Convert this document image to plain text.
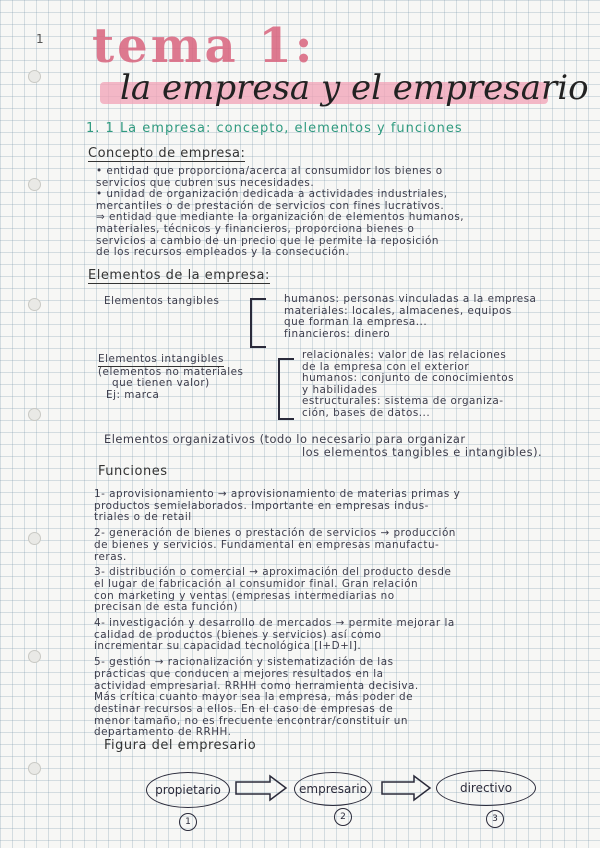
1 tema 1:
la empresa y el empresario
1. 1 La empresa: concepto, elementos y funciones
Concepto de empresa:
• entidad que proporciona/acerca al consumidor los bienes o
servicios que cubren sus necesidades.
• unidad de organización dedicada a actividades industriales,
mercantiles o de prestación de servicios con fines lucrativos.
⇒ entidad que mediante la organización de elementos humanos,
materiales, técnicos y financieros, proporciona bienes o
servicios a cambio de un precio que le permite la reposición
de los recursos empleados y la consecución.
Elementos de la empresa:
Elementos tangibles	humanos: personas vinculadas a la empresa
materiales: locales, almacenes, equipos
que forman la empresa...
financieros: dinero
Elementos intangibles
(elementos no materiales
que tienen valor)
Ej: marca
relacionales: valor de las relaciones
de la empresa con el exterior
humanos: conjunto de conocimientos
y habilidades
estructurales: sistema de organiza-
ción, bases de datos...
Elementos organizativos (todo lo necesario para organizar
los elementos tangibles e intangibles).
Funciones
1- aprovisionamiento → aprovisionamiento de materias primas y
productos semielaborados. Importante en empresas indus-
triales o de retail
2- generación de bienes o prestación de servicios → producción
de bienes y servicios. Fundamental en empresas manufactu-
reras.
3- distribución o comercial → aproximación del producto desde
el lugar de fabricación al consumidor final. Gran relación
con marketing y ventas (empresas intermediarias no
precisan de esta función)
4- investigación y desarrollo de mercados → permite mejorar la
calidad de productos (bienes y servicios) así como
incrementar su capacidad tecnológica [I+D+I].
5- gestión → racionalización y sistematización de las
prácticas que conducen a mejores resultados en la
actividad empresarial. RRHH como herramienta decisiva.
Más crítica cuanto mayor sea la empresa, más poder de
destinar recursos a ellos. En el caso de empresas de
menor tamaño, no es frecuente encontrar/constituir un
departamento de RRHH.
Figura del empresario
propietario	empresario	directivo
1	2	3
